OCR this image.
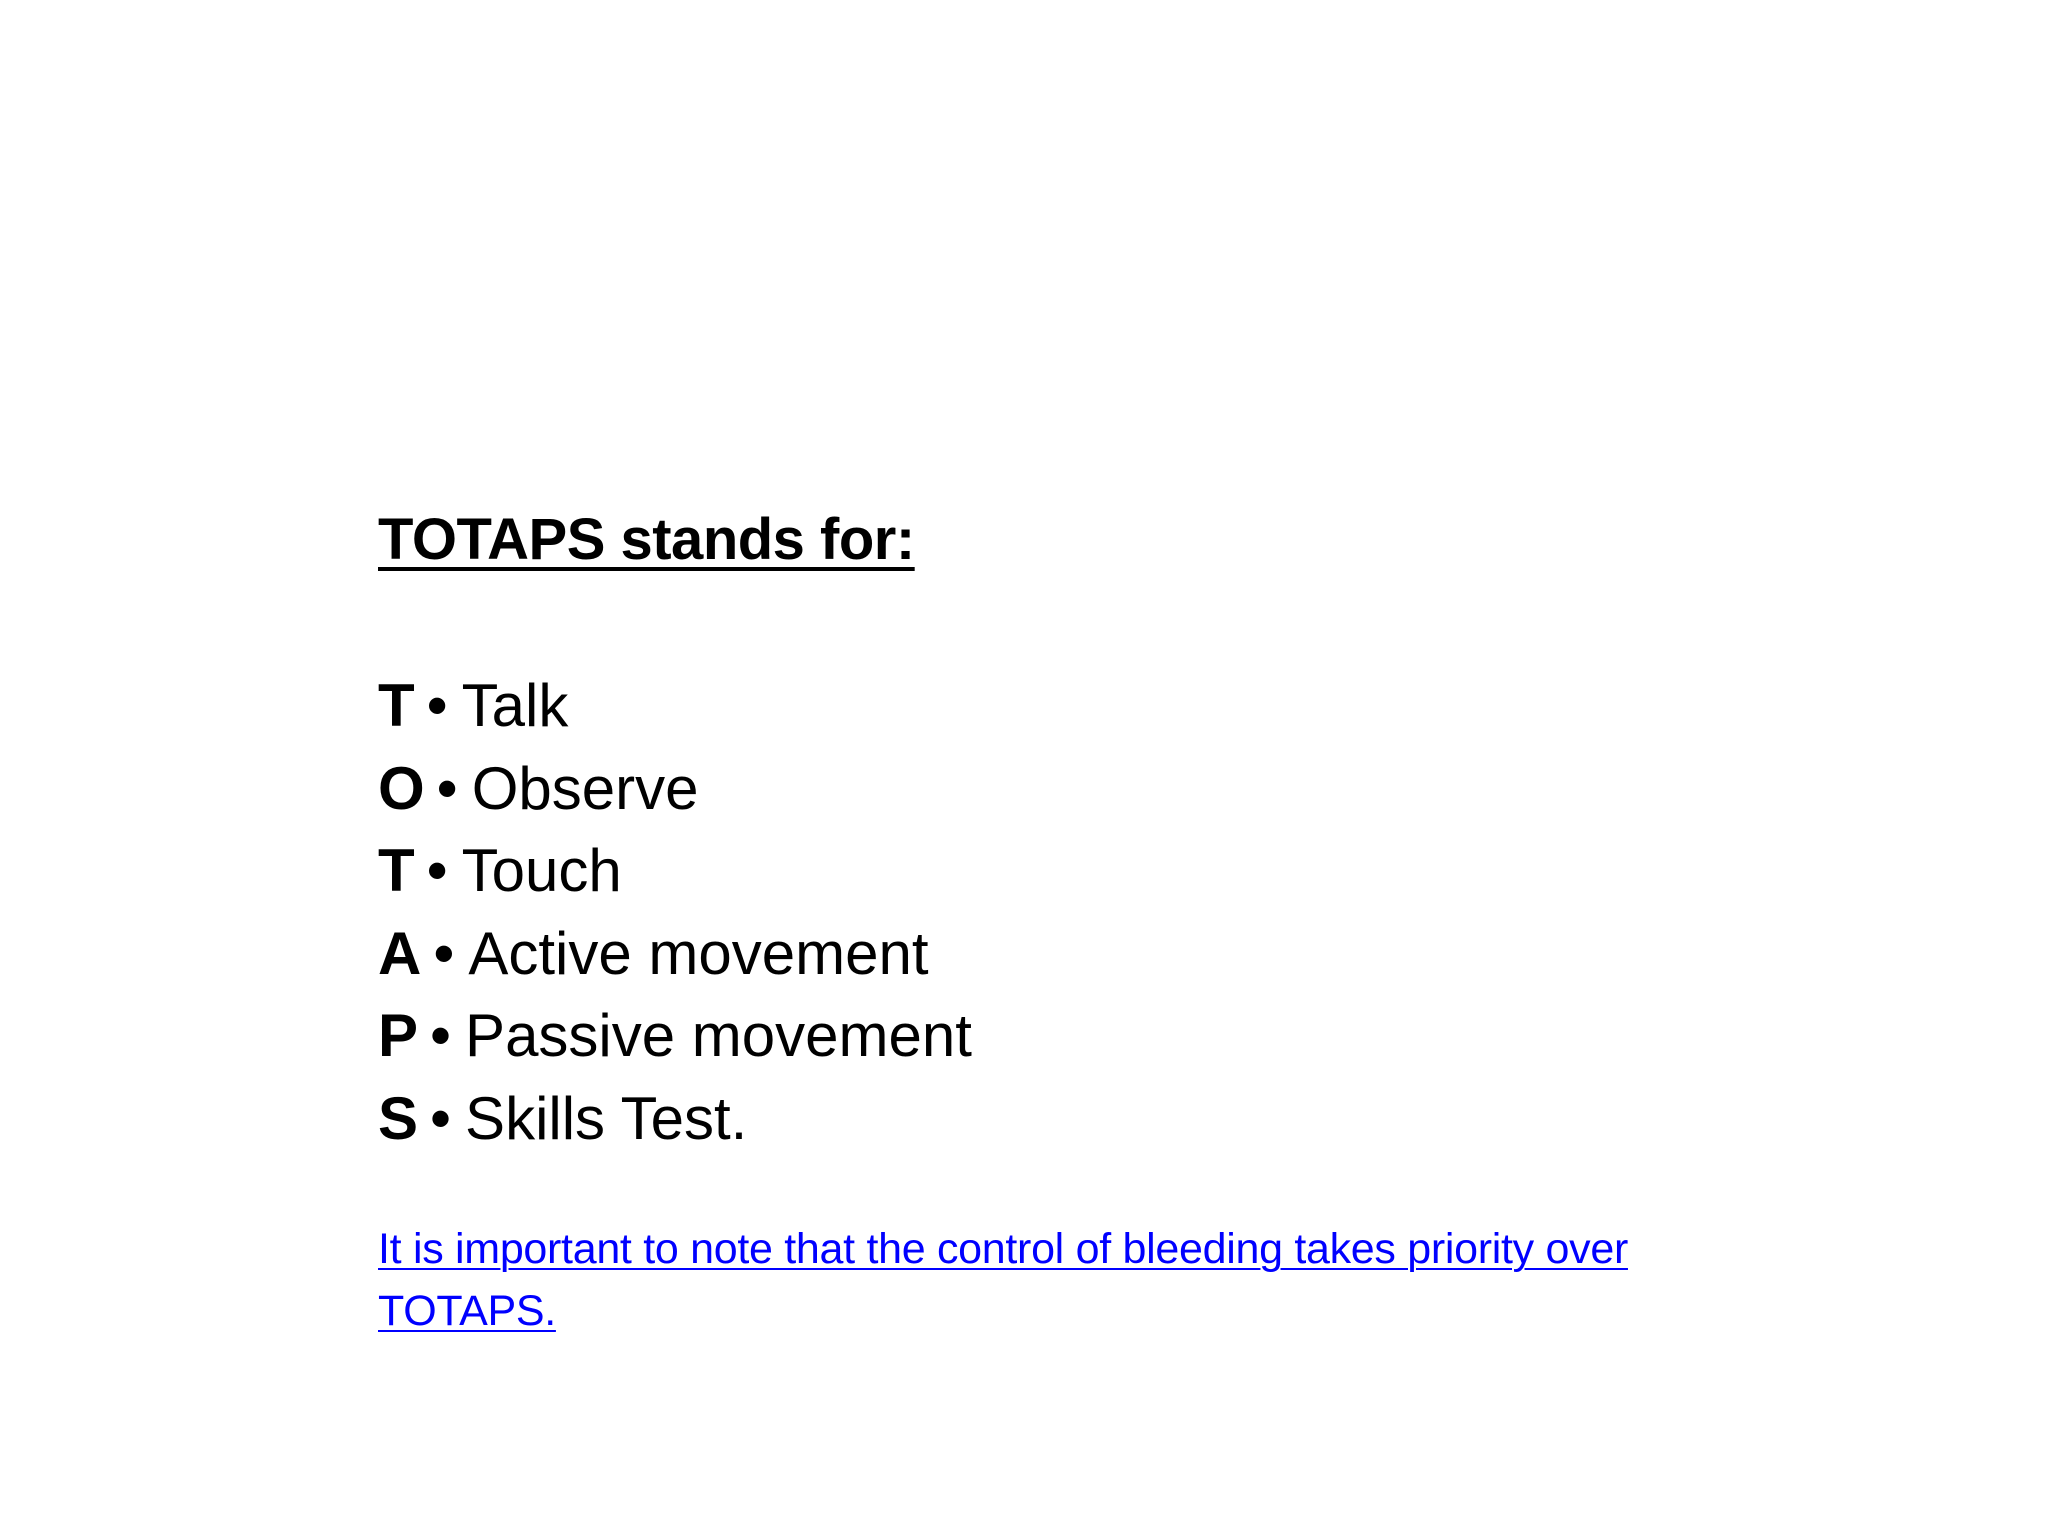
TOTAPS stands for:
T • Talk
O • Observe
T • Touch
A • Active movement
P • Passive movement
S • Skills Test.
It is important to note that the control of bleeding takes priority over TOTAPS.
